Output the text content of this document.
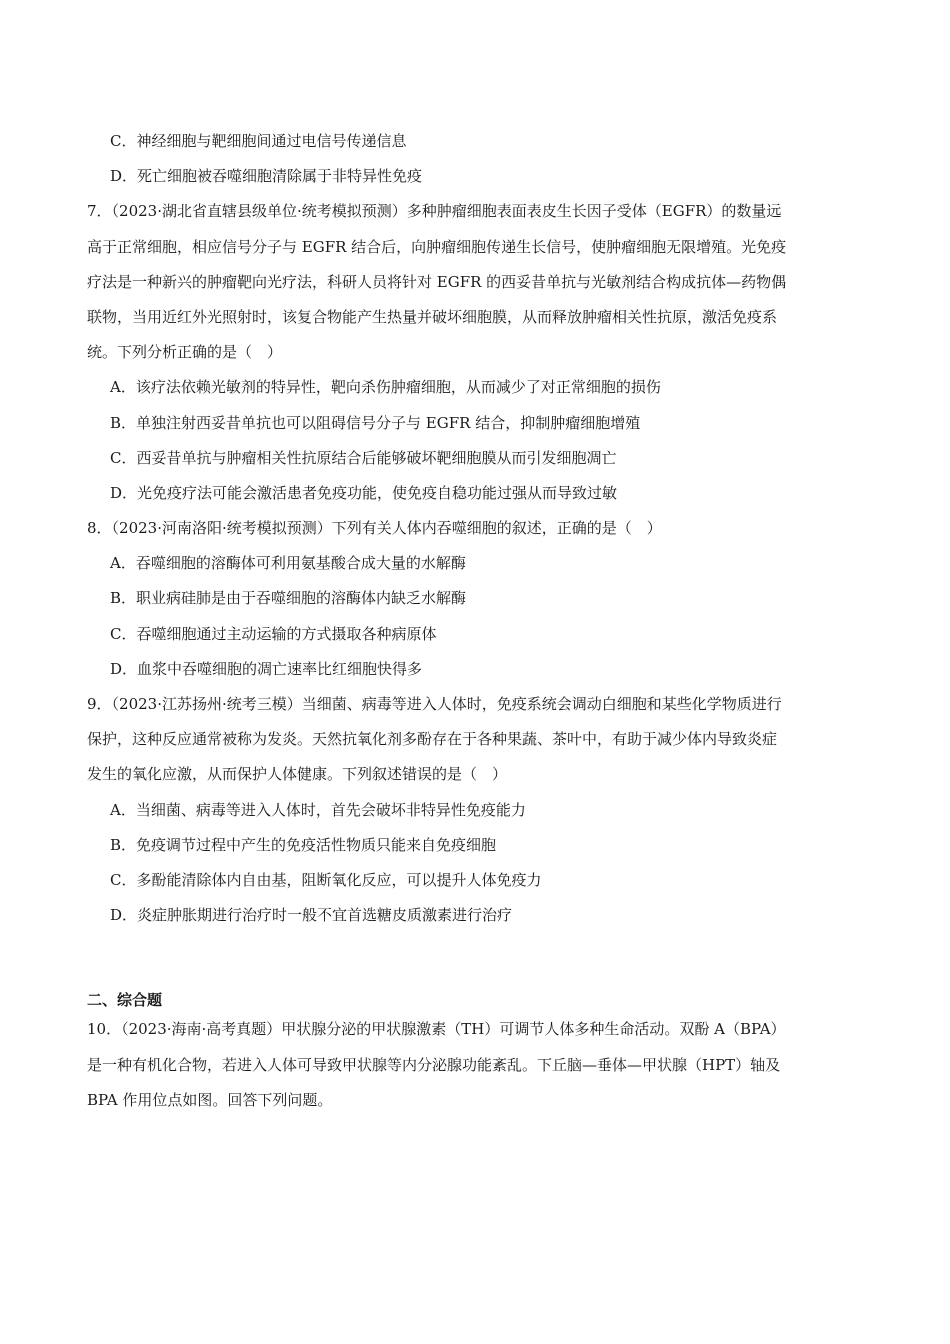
C．神经细胞与靶细胞间通过电信号传递信息
D．死亡细胞被吞噬细胞清除属于非特异性免疫
7．（2023·湖北省直辖县级单位·统考模拟预测）多种肿瘤细胞表面表皮生长因子受体（EGFR）的数量远
高于正常细胞，相应信号分子与 EGFR 结合后，向肿瘤细胞传递生长信号，使肿瘤细胞无限增殖。光免疫
疗法是一种新兴的肿瘤靶向光疗法，科研人员将针对 EGFR 的西妥昔单抗与光敏剂结合构成抗体—药物偶
联物，当用近红外光照射时，该复合物能产生热量并破坏细胞膜，从而释放肿瘤相关性抗原，激活免疫系
统。下列分析正确的是（　）
A．该疗法依赖光敏剂的特异性，靶向杀伤肿瘤细胞，从而减少了对正常细胞的损伤
B．单独注射西妥昔单抗也可以阻碍信号分子与 EGFR 结合，抑制肿瘤细胞增殖
C．西妥昔单抗与肿瘤相关性抗原结合后能够破坏靶细胞膜从而引发细胞凋亡
D．光免疫疗法可能会激活患者免疫功能，使免疫自稳功能过强从而导致过敏
8．（2023·河南洛阳·统考模拟预测）下列有关人体内吞噬细胞的叙述，正确的是（　）
A．吞噬细胞的溶酶体可利用氨基酸合成大量的水解酶
B．职业病硅肺是由于吞噬细胞的溶酶体内缺乏水解酶
C．吞噬细胞通过主动运输的方式摄取各种病原体
D．血浆中吞噬细胞的凋亡速率比红细胞快得多
9．（2023·江苏扬州·统考三模）当细菌、病毒等进入人体时，免疫系统会调动白细胞和某些化学物质进行
保护，这种反应通常被称为发炎。天然抗氧化剂多酚存在于各种果蔬、茶叶中，有助于减少体内导致炎症
发生的氧化应激，从而保护人体健康。下列叙述错误的是（　）
A．当细菌、病毒等进入人体时，首先会破坏非特异性免疫能力
B．免疫调节过程中产生的免疫活性物质只能来自免疫细胞
C．多酚能清除体内自由基，阻断氧化反应，可以提升人体免疫力
D．炎症肿胀期进行治疗时一般不宜首选糖皮质激素进行治疗
二、综合题
10．（2023·海南·高考真题）甲状腺分泌的甲状腺激素（TH）可调节人体多种生命活动。双酚 A（BPA）
是一种有机化合物，若进入人体可导致甲状腺等内分泌腺功能紊乱。下丘脑—垂体—甲状腺（HPT）轴及
BPA 作用位点如图。回答下列问题。
